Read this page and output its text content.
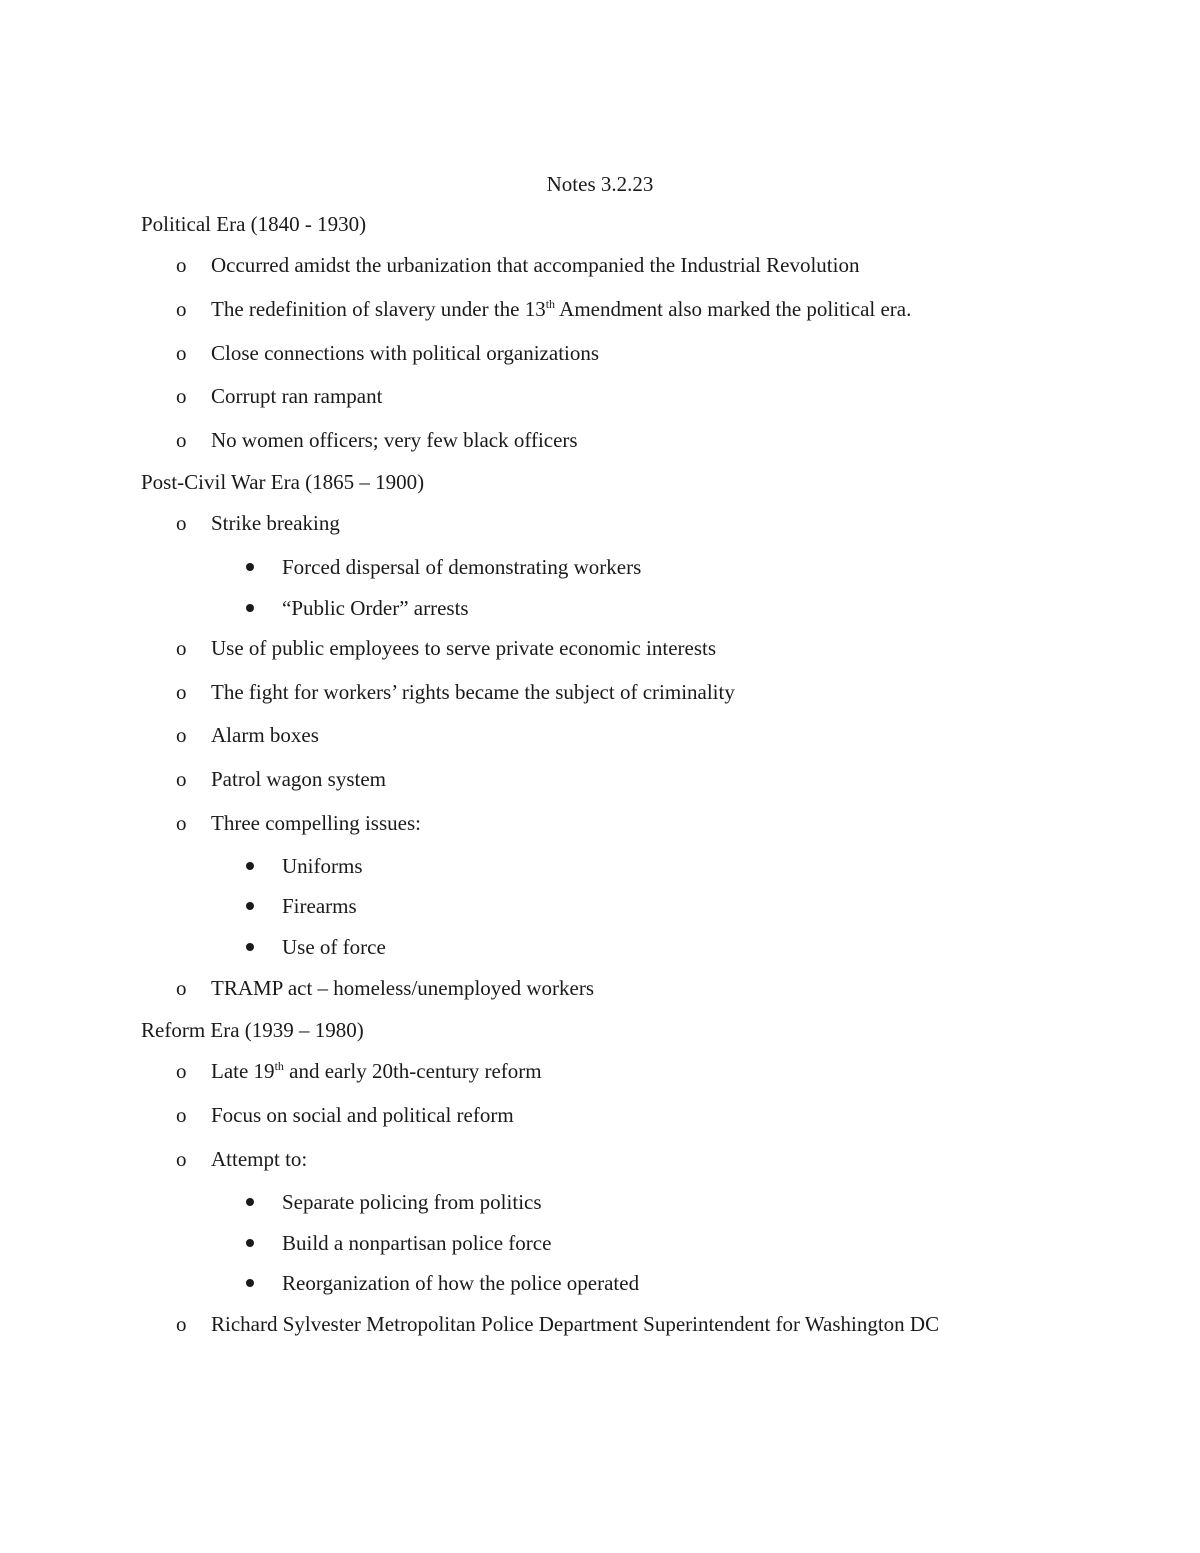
Notes 3.2.23
Political Era (1840 - 1930)
o	Occurred amidst the urbanization that accompanied the Industrial Revolution
o	The redefinition of slavery under the 13th Amendment also marked the political era.
o	Close connections with political organizations
o	Corrupt ran rampant
o	No women officers; very few black officers
Post-Civil War Era (1865 – 1900)
o	Strike breaking
Forced dispersal of demonstrating workers
“Public Order” arrests
o	Use of public employees to serve private economic interests
o	The fight for workers’ rights became the subject of criminality
o	Alarm boxes
o	Patrol wagon system
o	Three compelling issues:
Uniforms
Firearms
Use of force
o	TRAMP act – homeless/unemployed workers
Reform Era (1939 – 1980)
o	Late 19th and early 20th-century reform
o	Focus on social and political reform
o	Attempt to:
Separate policing from politics
Build a nonpartisan police force
Reorganization of how the police operated
o	Richard Sylvester Metropolitan Police Department Superintendent for Washington DC
